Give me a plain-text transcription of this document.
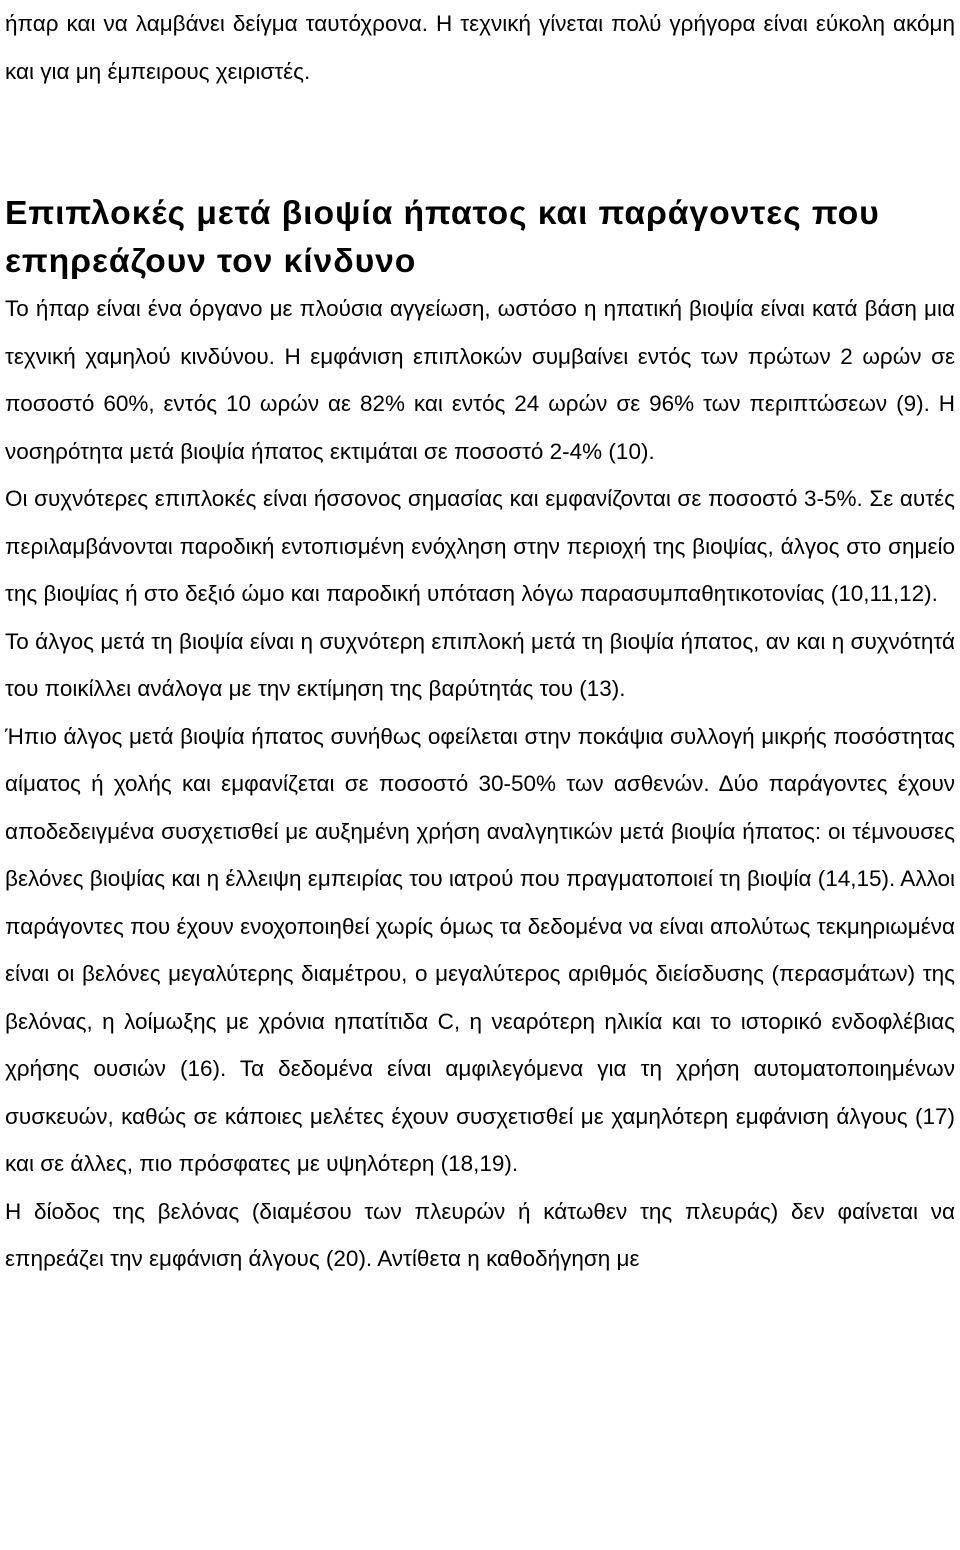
ήπαρ και να λαμβάνει δείγμα ταυτόχρονα. Η τεχνική γίνεται πολύ γρήγορα είναι εύκολη ακόμη και για μη έμπειρους χειριστές.

Επιπλοκές μετά βιοψία ήπατος και παράγοντες που επηρεάζουν τον κίνδυνο

Το ήπαρ είναι ένα όργανο με πλούσια αγγείωση, ωστόσο η ηπατική βιοψία είναι κατά βάση μια τεχνική χαμηλού κινδύνου. Η εμφάνιση επιπλοκών συμβαίνει εντός των πρώτων 2 ωρών σε ποσοστό 60%, εντός 10 ωρών αε 82% και εντός 24 ωρών σε 96% των περιπτώσεων (9). Η νοσηρότητα μετά βιοψία ήπατος εκτιμάται σε ποσοστό 2-4% (10).

Οι συχνότερες επιπλοκές είναι ήσσονος σημασίας και εμφανίζονται σε ποσοστό 3-5%. Σε αυτές περιλαμβάνονται παροδική εντοπισμένη ενόχληση στην περιοχή της βιοψίας, άλγος στο σημείο της βιοψίας ή στο δεξιό ώμο και παροδική υπόταση λόγω παρασυμπαθητικοτονίας (10,11,12).

Το άλγος μετά τη βιοψία είναι η συχνότερη επιπλοκή μετά τη βιοψία ήπατος, αν και η συχνότητά του ποικίλλει ανάλογα με την εκτίμηση της βαρύτητάς του (13).

Ήπιο άλγος μετά βιοψία ήπατος συνήθως οφείλεται στην ποκάψια συλλογή μικρής ποσόστητας αίματος ή χολής και εμφανίζεται σε ποσοστό 30-50% των ασθενών. Δύο παράγοντες έχουν αποδεδειγμένα συσχετισθεί με αυξημένη χρήση αναλγητικών μετά βιοψία ήπατος: οι τέμνουσες βελόνες βιοψίας και η έλλειψη εμπειρίας του ιατρού που πραγματοποιεί τη βιοψία (14,15). Αλλοι παράγοντες που έχουν ενοχοποιηθεί χωρίς όμως τα δεδομένα να είναι απολύτως τεκμηριωμένα είναι οι βελόνες μεγαλύτερης διαμέτρου, ο μεγαλύτερος αριθμός διείσδυσης (περασμάτων) της βελόνας, η λοίμωξης με χρόνια ηπατίτιδα C, η νεαρότερη ηλικία και το ιστορικό ενδοφλέβιας χρήσης ουσιών (16). Τα δεδομένα είναι αμφιλεγόμενα για τη χρήση αυτοματοποιημένων συσκευών, καθώς σε κάποιες μελέτες έχουν συσχετισθεί με χαμηλότερη εμφάνιση άλγους (17) και σε άλλες, πιο πρόσφατες με υψηλότερη (18,19).

Η δίοδος της βελόνας (διαμέσου των πλευρών ή κάτωθεν της πλευράς) δεν φαίνεται να επηρεάζει την εμφάνιση άλγους (20). Αντίθετα η καθοδήγηση με
